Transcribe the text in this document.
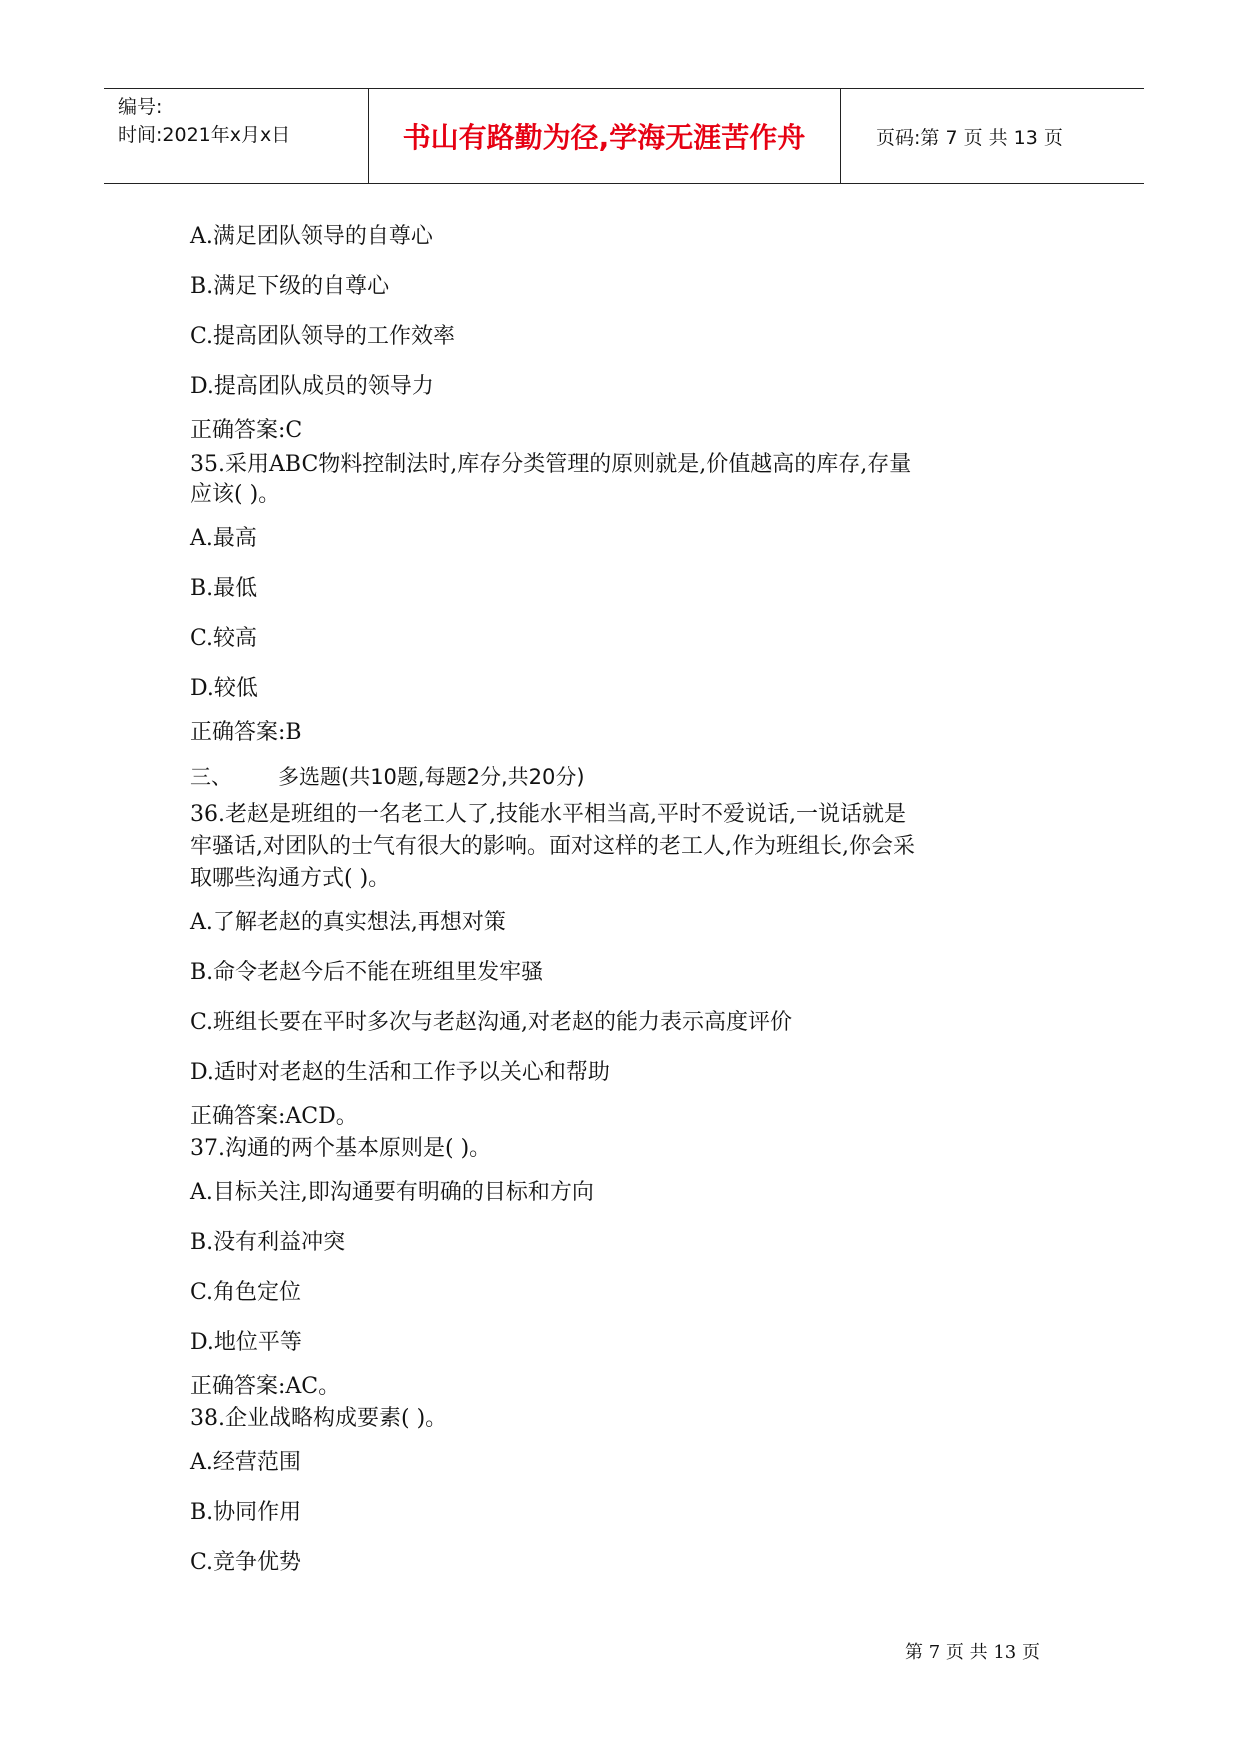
编号:
时间:2021年x月x日	书山有路勤为径,学海无涯苦作舟	页码:第 7 页 共 13 页
A.满足团队领导的自尊心
B.满足下级的自尊心
C.提高团队领导的工作效率
D.提高团队成员的领导力
正确答案:C
35.采用ABC物料控制法时,库存分类管理的原则就是,价值越高的库存,存量
应该( )。
A.最高
B.最低
C.较高
D.较低
正确答案:B
三、 多选题(共10题,每题2分,共20分)
36.老赵是班组的一名老工人了,技能水平相当高,平时不爱说话,一说话就是
牢骚话,对团队的士气有很大的影响。面对这样的老工人,作为班组长,你会采
取哪些沟通方式( )。
A.了解老赵的真实想法,再想对策
B.命令老赵今后不能在班组里发牢骚
C.班组长要在平时多次与老赵沟通,对老赵的能力表示高度评价
D.适时对老赵的生活和工作予以关心和帮助
正确答案:ACD。
37.沟通的两个基本原则是( )。
A.目标关注,即沟通要有明确的目标和方向
B.没有利益冲突
C.角色定位
D.地位平等
正确答案:AC。
38.企业战略构成要素( )。
A.经营范围
B.协同作用
C.竞争优势
第 7 页 共 13 页
